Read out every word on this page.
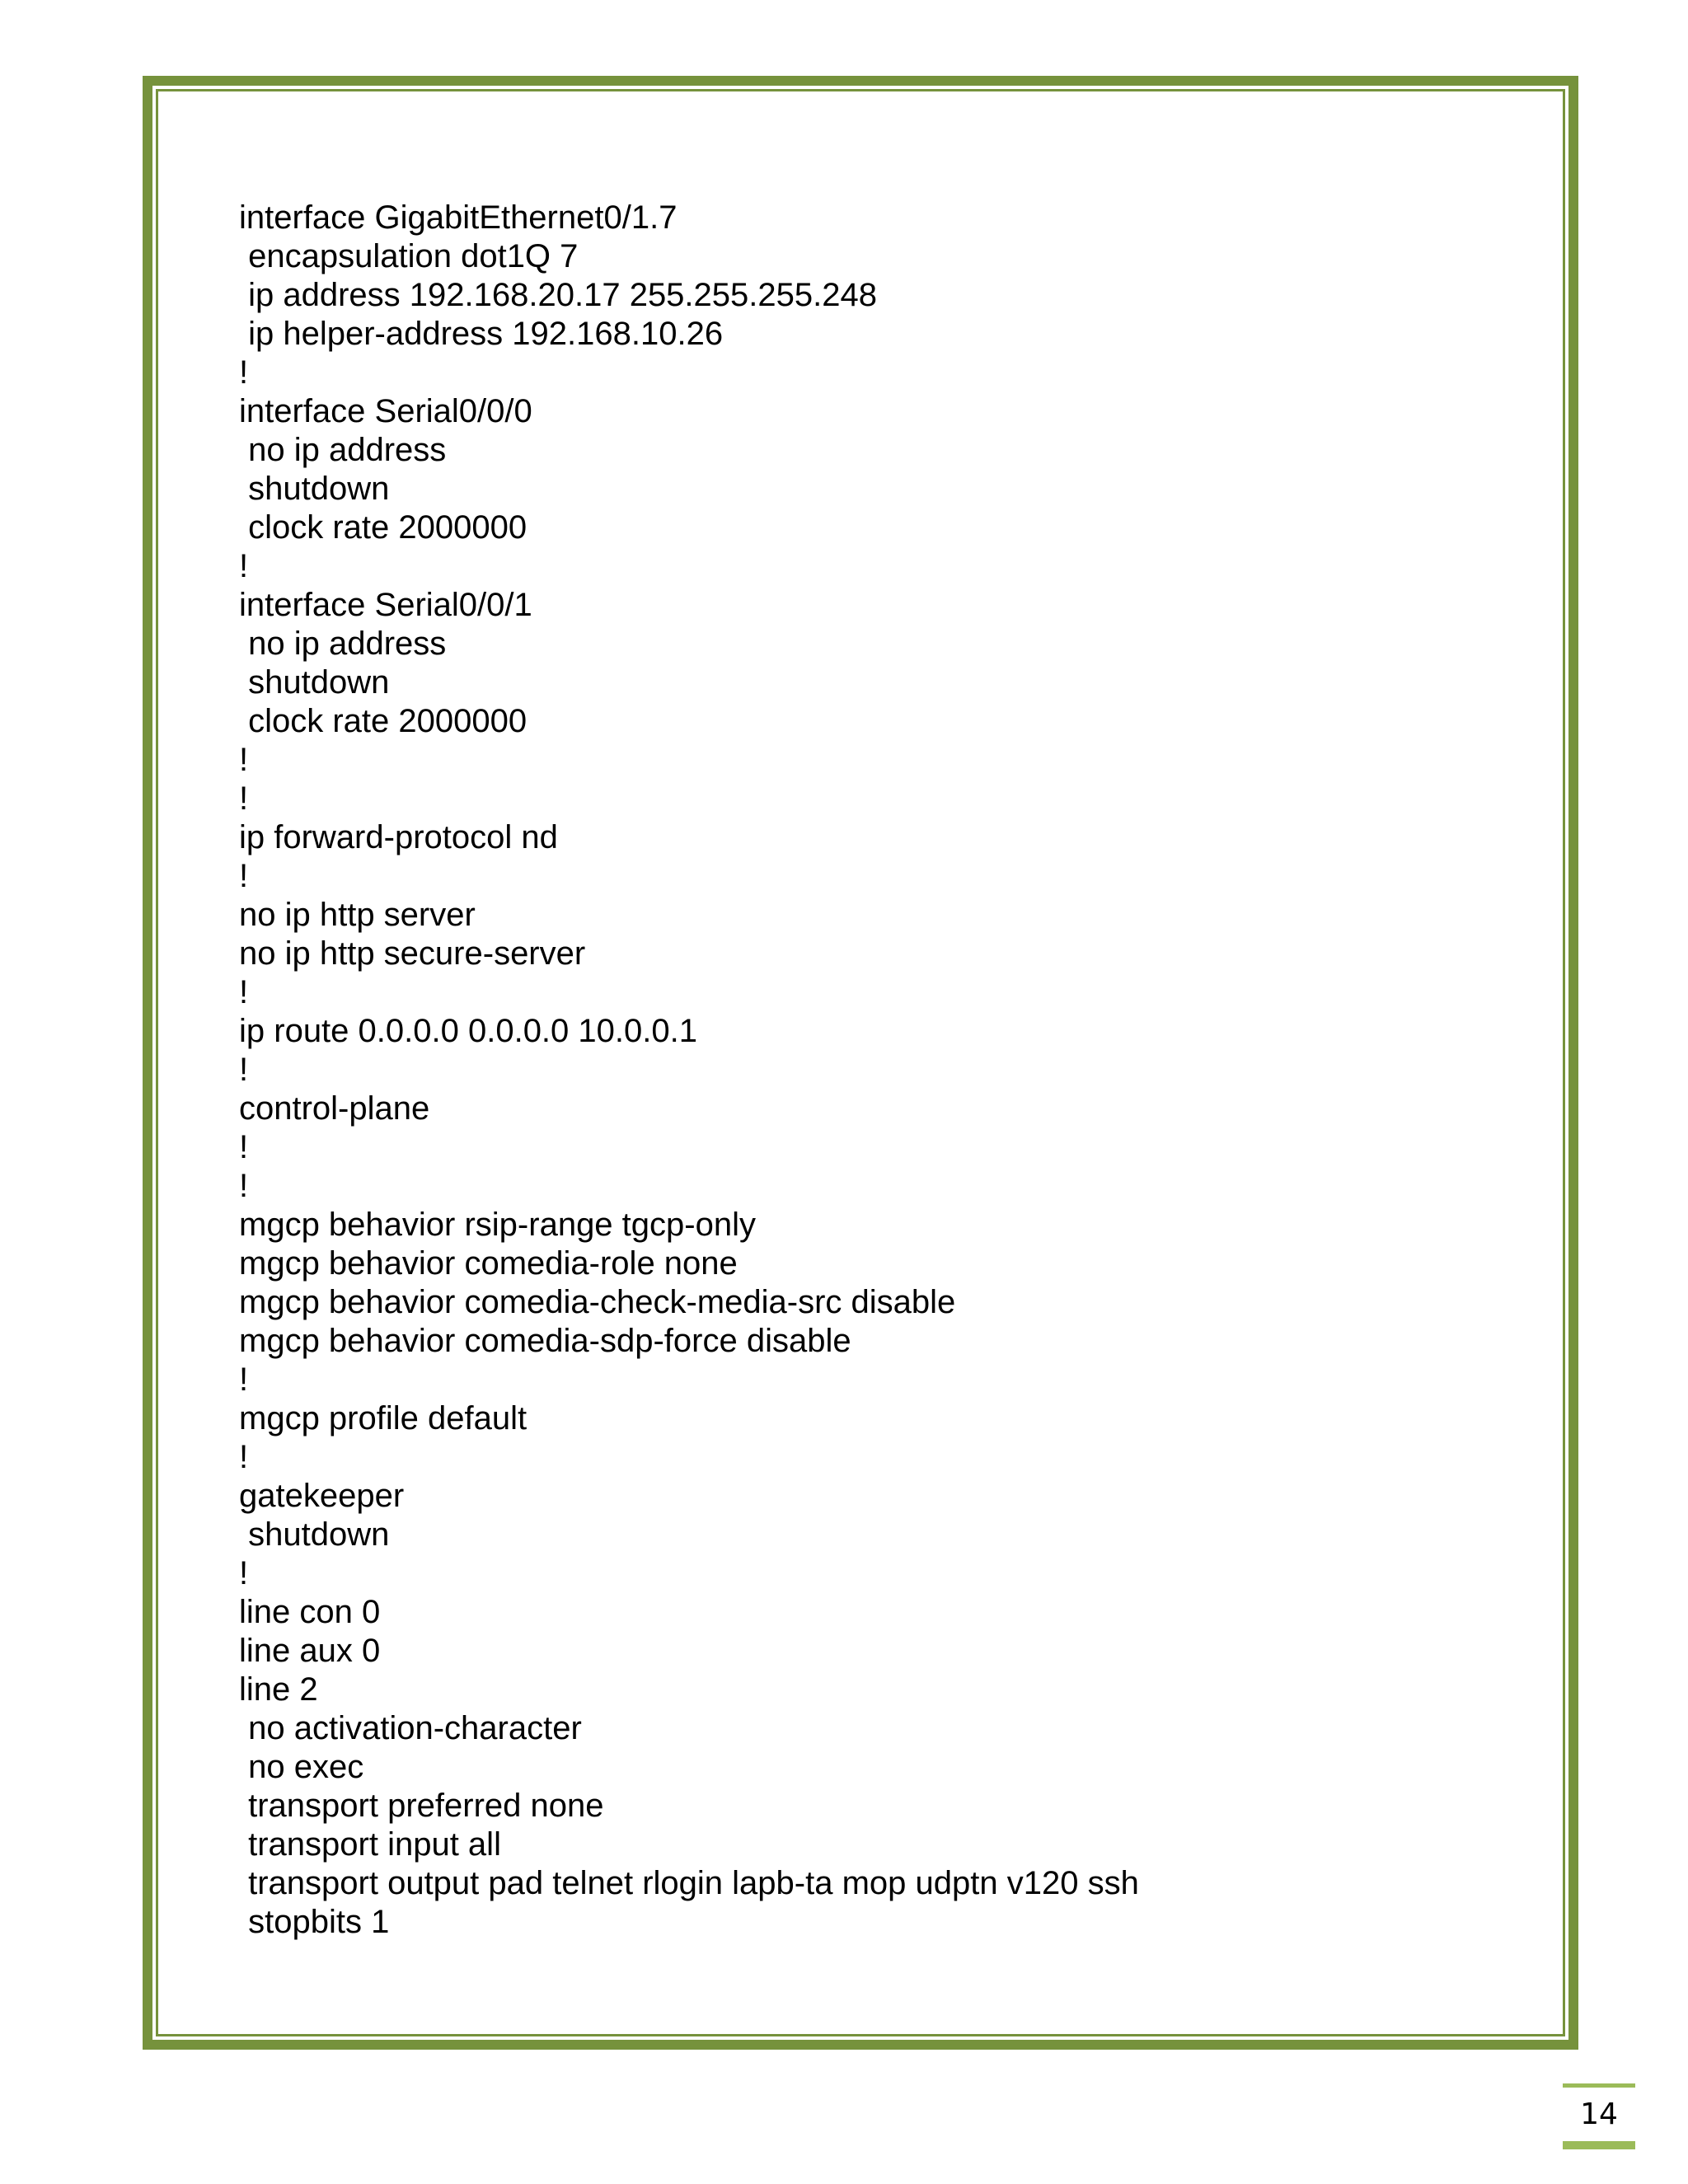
interface GigabitEthernet0/1.7
encapsulation dot1Q 7
ip address 192.168.20.17 255.255.255.248
ip helper-address 192.168.10.26
!
interface Serial0/0/0
no ip address
shutdown
clock rate 2000000
!
interface Serial0/0/1
no ip address
shutdown
clock rate 2000000
!
!
ip forward-protocol nd
!
no ip http server
no ip http secure-server
!
ip route 0.0.0.0 0.0.0.0 10.0.0.1
!
control-plane
!
!
mgcp behavior rsip-range tgcp-only
mgcp behavior comedia-role none
mgcp behavior comedia-check-media-src disable
mgcp behavior comedia-sdp-force disable
!
mgcp profile default
!
gatekeeper
shutdown
!
line con 0
line aux 0
line 2
no activation-character
no exec
transport preferred none
transport input all
transport output pad telnet rlogin lapb-ta mop udptn v120 ssh
stopbits 1
14
